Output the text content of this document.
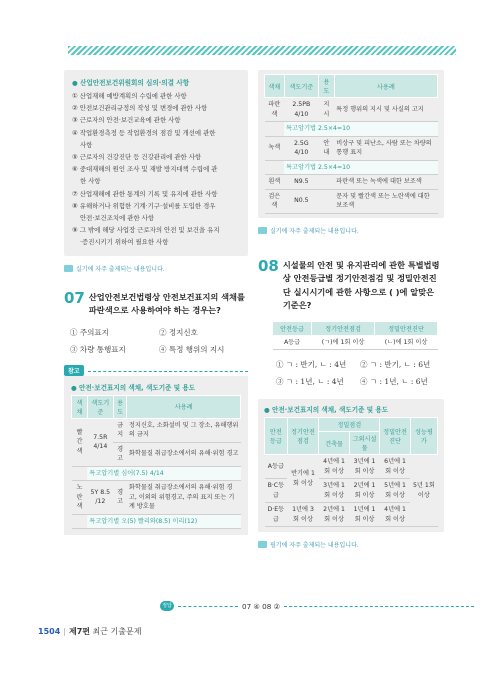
● 산업안전보건위원회의 심의·의결 사항
① 산업재해 예방계획의 수립에 관한 사항
② 안전보건관리규정의 작성 및 변경에 관한 사항
③ 근로자의 안전·보건교육에 관한 사항
④ 작업환경측정 등 작업환경의 점검 및 개선에 관한
사항
⑤ 근로자의 건강진단 등 건강관리에 관한 사항
⑥ 중대재해의 원인 조사 및 재발 방지대책 수립에 관
한 사항
⑦ 산업재해에 관한 통계의 기록 및 유지에 관한 사항
⑧ 유해하거나 위험한 기계·기구·설비를 도입한 경우
안전·보건조치에 관한 사항
⑨ 그 밖에 해당 사업장 근로자의 안전 및 보건을 유지
·증진시키기 위하여 필요한 사항
실기에 자주 출제되는 내용입니다.
07 산업안전보건법령상 안전보건표지의 색채를 파란색으로 사용하여야 하는 경우는?
① 주의표지	② 정지신호
③ 차량 통행표지	④ 특정 행위의 지시
참고
● 안전·보건표지의 색채, 색도기준 및 용도
색채	색도기준	용도	사용례
빨간색	7.5R 4/14	금지	정지신호, 소화설비 및 그 장소, 유해행위의 금지
		경고	화학물질 취급장소에서의 유해·위험 경고
	특고압기별 심어(7.5) 4/14		
노란색	5Y 8.5 /12	경고	화학물질 취급장소에서의 유해·위험 경고, 이외의 위험경고, 주의 표지 또는 기계 방호물
	특고압기별 오(5) 빨리와(8.5) 이리(12)		
색채	색도기준	용도	사용례
파란색	2.5PB 4/10	지시	특정 행위의 지시 및 사실의 고지
	특고암기법 2.5×4=10		
녹색	2.5G 4/10	안내	비상구 및 피난소, 사람 또는 차량의 통행 표지
	특고암기법 2.5×4=10		
흰색	N9.5		파란색 또는 녹색에 대한 보조색
검은색	N0.5		문자 및 빨간색 또는 노란색에 대한 보조색
실기에 자주 출제되는 내용입니다.
08 시설물의 안전 및 유지관리에 관한 특별법령상 안전등급별 정기안전점검 및 정밀안전진단 실시시기에 관한 사항으로 ( )에 알맞은 기준은?
안전등급	정기안전점검	정밀안전진단
A등급	(ㄱ)에 1회 이상	(ㄴ)에 1회 이상
① ㄱ : 반기, ㄴ : 4년	② ㄱ : 반기, ㄴ : 6년
③ ㄱ : 1년, ㄴ : 4년	④ ㄱ : 1년, ㄴ : 6년
● 안전·보건표지의 색채, 색도기준 및 용도
안전등급	정기안전점검	정밀점검		정밀안전진단	성능평가
		건축물	그외시설물		
A등급	반기에 1회 이상	4년에 1회 이상	3년에 1회 이상	6년에 1회 이상	5년 1회 이상
B·C등급		3년에 1회 이상	2년에 1회 이상	5년에 1회 이상	
D·E등급	1년에 3회 이상	2년에 1회 이상	1년에 1회 이상	4년에 1회 이상	
필기에 자주 출제되는 내용입니다.
정답	07 ④ 08 ②
1504 | 제7편 최근 기출문제
